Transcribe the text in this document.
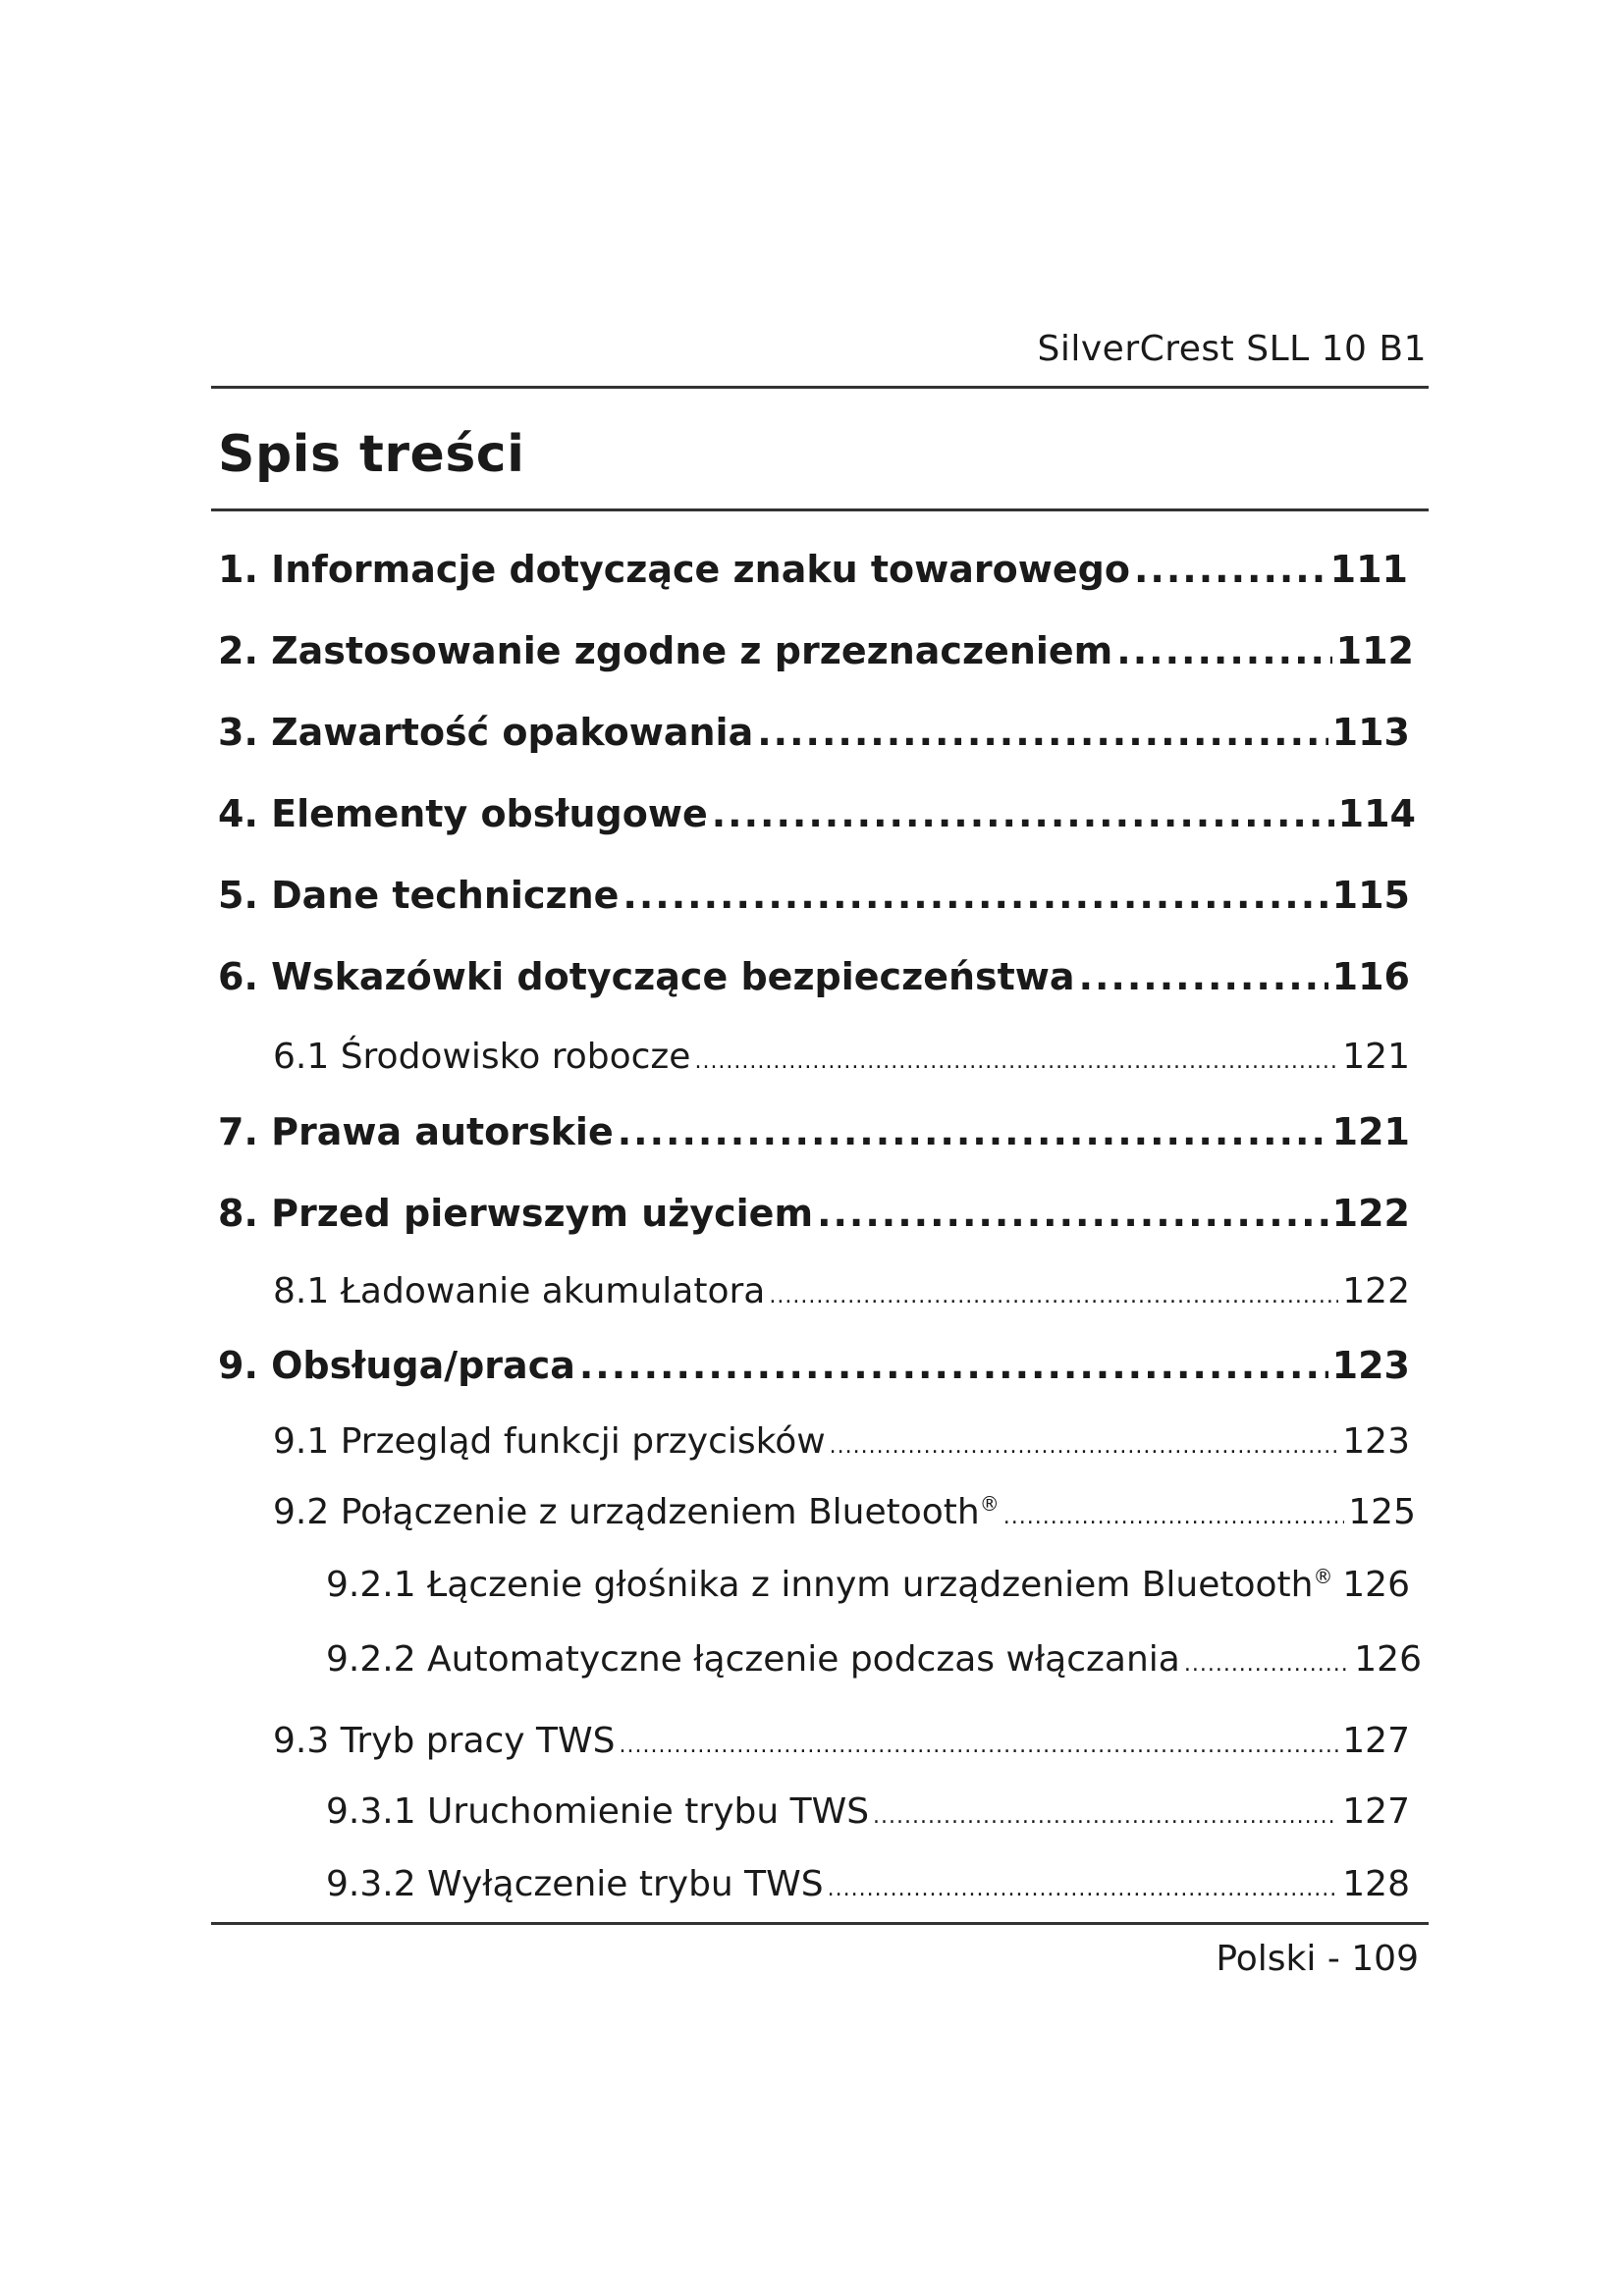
SilverCrest SLL 10 B1
Spis treści
1. Informacje dotyczące znaku towarowego .....	111
2. Zastosowanie zgodne z przeznaczeniem .....	112
3. Zawartość opakowania .....	113
4. Elementy obsługowe .....	114
5. Dane techniczne .....	115
6. Wskazówki dotyczące bezpieczeństwa .....	116
6.1 Środowisko robocze .....	121
7. Prawa autorskie .....	121
8. Przed pierwszym użyciem .....	122
8.1 Ładowanie akumulatora .....	122
9. Obsługa/praca .....	123
9.1 Przegląd funkcji przycisków .....	123
9.2 Połączenie z urządzeniem Bluetooth® .....	125
9.2.1 Łączenie głośnika z innym urządzeniem Bluetooth® ..... 126
9.2.2 Automatyczne łączenie podczas włączania .....	126
9.3 Tryb pracy TWS .....	127
9.3.1 Uruchomienie trybu TWS .....	127
9.3.2 Wyłączenie trybu TWS .....	128
Polski - 109
